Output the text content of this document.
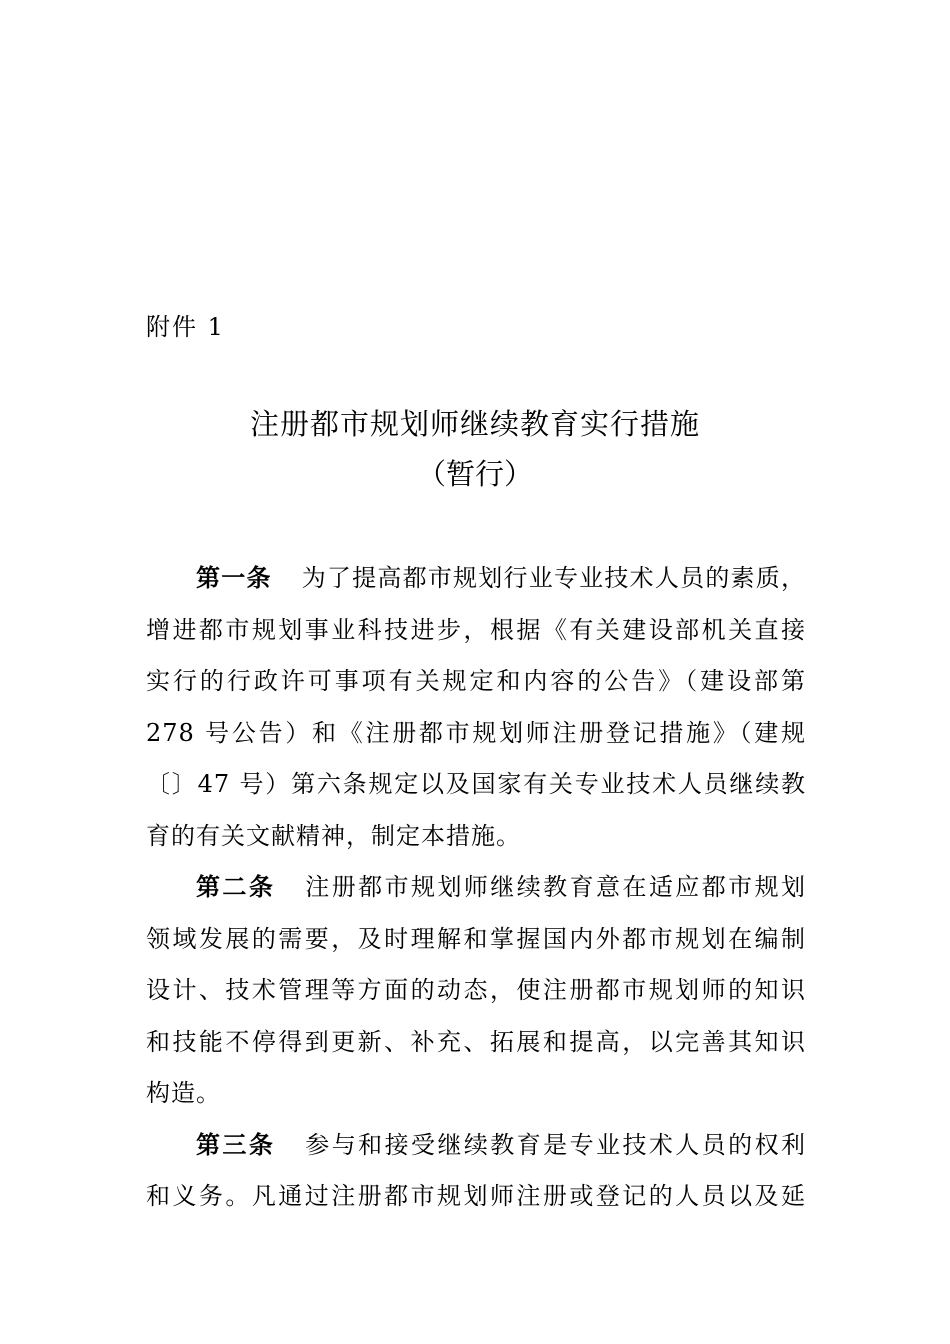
附件 1
注册都市规划师继续教育实行措施
（暂行）
第一条 为了提高都市规划行业专业技术人员的素质，
增进都市规划事业科技进步，根据《有关建设部机关直接
实行的行政许可事项有关规定和内容的公告》（建设部第
278 号公告）和《注册都市规划师注册登记措施》（建规
〔〕47 号）第六条规定以及国家有关专业技术人员继续教
育的有关文献精神，制定本措施。
第二条 注册都市规划师继续教育意在适应都市规划
领域发展的需要，及时理解和掌握国内外都市规划在编制
设计、技术管理等方面的动态，使注册都市规划师的知识
和技能不停得到更新、补充、拓展和提高，以完善其知识
构造。
第三条 参与和接受继续教育是专业技术人员的权利
和义务。凡通过注册都市规划师注册或登记的人员以及延
